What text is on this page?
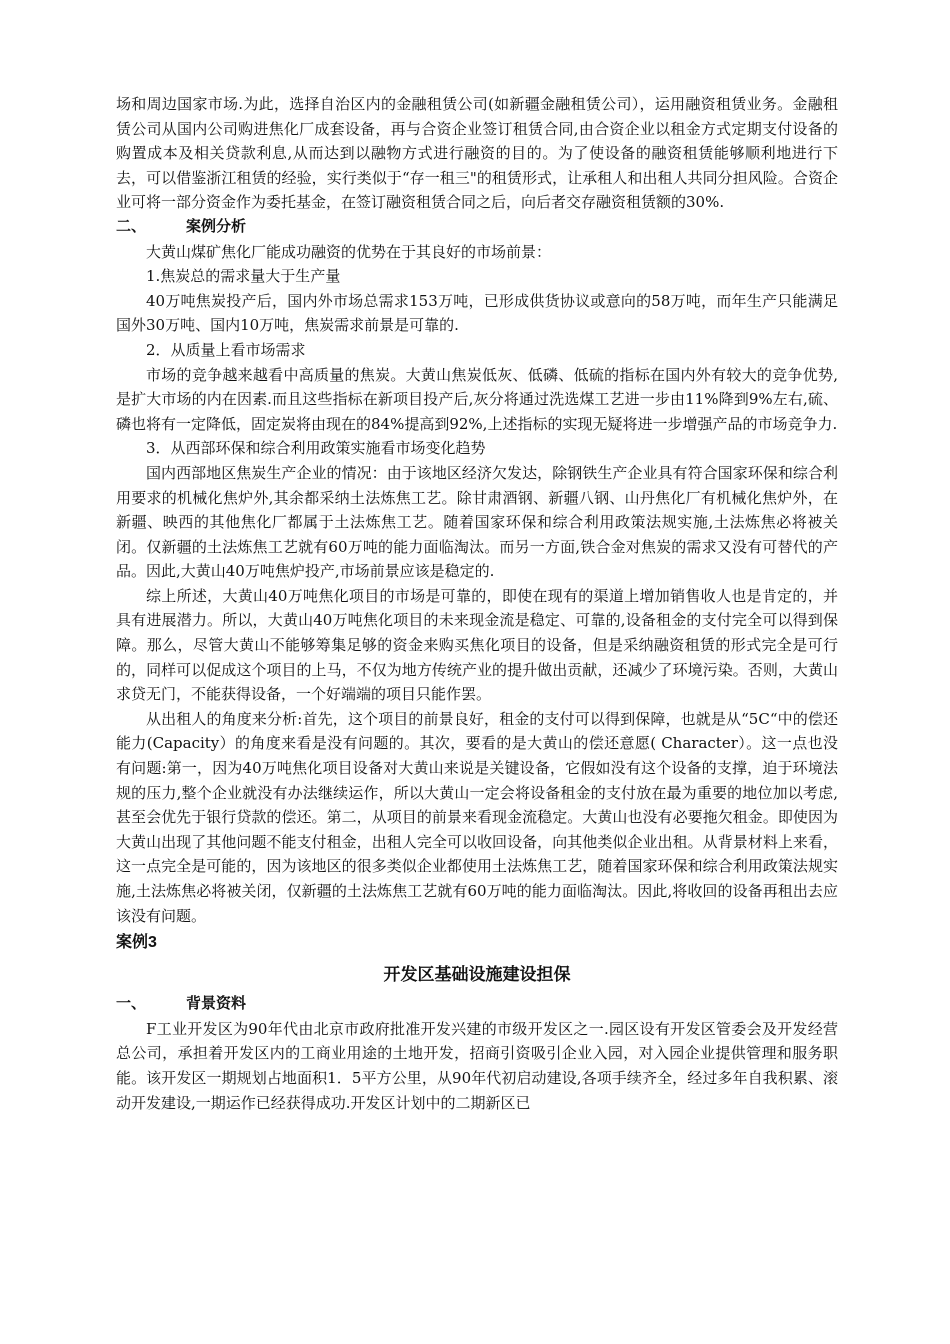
场和周边国家市场.为此，选择自治区内的金融租赁公司(如新疆金融租赁公司），运用融资租赁业务。金融租赁公司从国内公司购进焦化厂成套设备，再与合资企业签订租赁合同,由合资企业以租金方式定期支付设备的购置成本及相关贷款利息,从而达到以融物方式进行融资的目的。为了使设备的融资租赁能够顺利地进行下去，可以借鉴浙江租赁的经验，实行类似于“存一租三"的租赁形式，让承租人和出租人共同分担风险。合资企业可将一部分资金作为委托基金，在签订融资租赁合同之后，向后者交存融资租赁额的30%.

二、	案例分析

大黄山煤矿焦化厂能成功融资的优势在于其良好的市场前景：

1.焦炭总的需求量大于生产量

40万吨焦炭投产后，国内外市场总需求153万吨，已形成供货协议或意向的58万吨，而年生产只能满足国外30万吨、国内10万吨，焦炭需求前景是可靠的.

2．从质量上看市场需求

市场的竞争越来越看中高质量的焦炭。大黄山焦炭低灰、低磷、低硫的指标在国内外有较大的竞争优势,是扩大市场的内在因素.而且这些指标在新项目投产后,灰分将通过洗选煤工艺进一步由11%降到9%左右,硫、磷也将有一定降低，固定炭将由现在的84%提高到92%,上述指标的实现无疑将进一步增强产品的市场竞争力.

3．从西部环保和综合利用政策实施看市场变化趋势

国内西部地区焦炭生产企业的情况：由于该地区经济欠发达，除钢铁生产企业具有符合国家环保和综合利用要求的机械化焦炉外,其余都采纳土法炼焦工艺。除甘肃酒钢、新疆八钢、山丹焦化厂有机械化焦炉外，在新疆、映西的其他焦化厂都属于土法炼焦工艺。随着国家环保和综合利用政策法规实施,土法炼焦必将被关闭。仅新疆的土法炼焦工艺就有60万吨的能力面临淘汰。而另一方面,铁合金对焦炭的需求又没有可替代的产品。因此,大黄山40万吨焦炉投产,市场前景应该是稳定的.

综上所述，大黄山40万吨焦化项目的市场是可靠的，即使在现有的渠道上增加销售收人也是肯定的，并具有进展潜力。所以，大黄山40万吨焦化项目的未来现金流是稳定、可靠的,设备租金的支付完全可以得到保障。那么，尽管大黄山不能够筹集足够的资金来购买焦化项目的设备，但是采纳融资租赁的形式完全是可行的，同样可以促成这个项目的上马，不仅为地方传统产业的提升做出贡献，还减少了环境污染。否则，大黄山求贷无门，不能获得设备，一个好端端的项目只能作罢。

从出租人的角度来分析:首先，这个项目的前景良好，租金的支付可以得到保障，也就是从“5C“中的偿还能力(Capacity）的角度来看是没有问题的。其次，要看的是大黄山的偿还意愿( Character）。这一点也没有问题:第一，因为40万吨焦化项目设备对大黄山来说是关键设备，它假如没有这个设备的支撑，迫于环境法规的压力,整个企业就没有办法继续运作，所以大黄山一定会将设备租金的支付放在最为重要的地位加以考虑,甚至会优先于银行贷款的偿还。第二，从项目的前景来看现金流稳定。大黄山也没有必要拖欠租金。即使因为大黄山出现了其他问题不能支付租金，出租人完全可以收回设备，向其他类似企业出租。从背景材料上来看，这一点完全是可能的，因为该地区的很多类似企业都使用土法炼焦工艺，随着国家环保和综合利用政策法规实施,土法炼焦必将被关闭，仅新疆的土法炼焦工艺就有60万吨的能力面临淘汰。因此,将收回的设备再租出去应该没有问题。

案例3

开发区基础设施建设担保

一、	背景资料

F工业开发区为90年代由北京市政府批准开发兴建的市级开发区之一.园区设有开发区管委会及开发经营总公司，承担着开发区内的工商业用途的土地开发，招商引资吸引企业入园，对入园企业提供管理和服务职能。该开发区一期规划占地面积1．5平方公里，从90年代初启动建设,各项手续齐全，经过多年自我积累、滚动开发建设,一期运作已经获得成功.开发区计划中的二期新区已
